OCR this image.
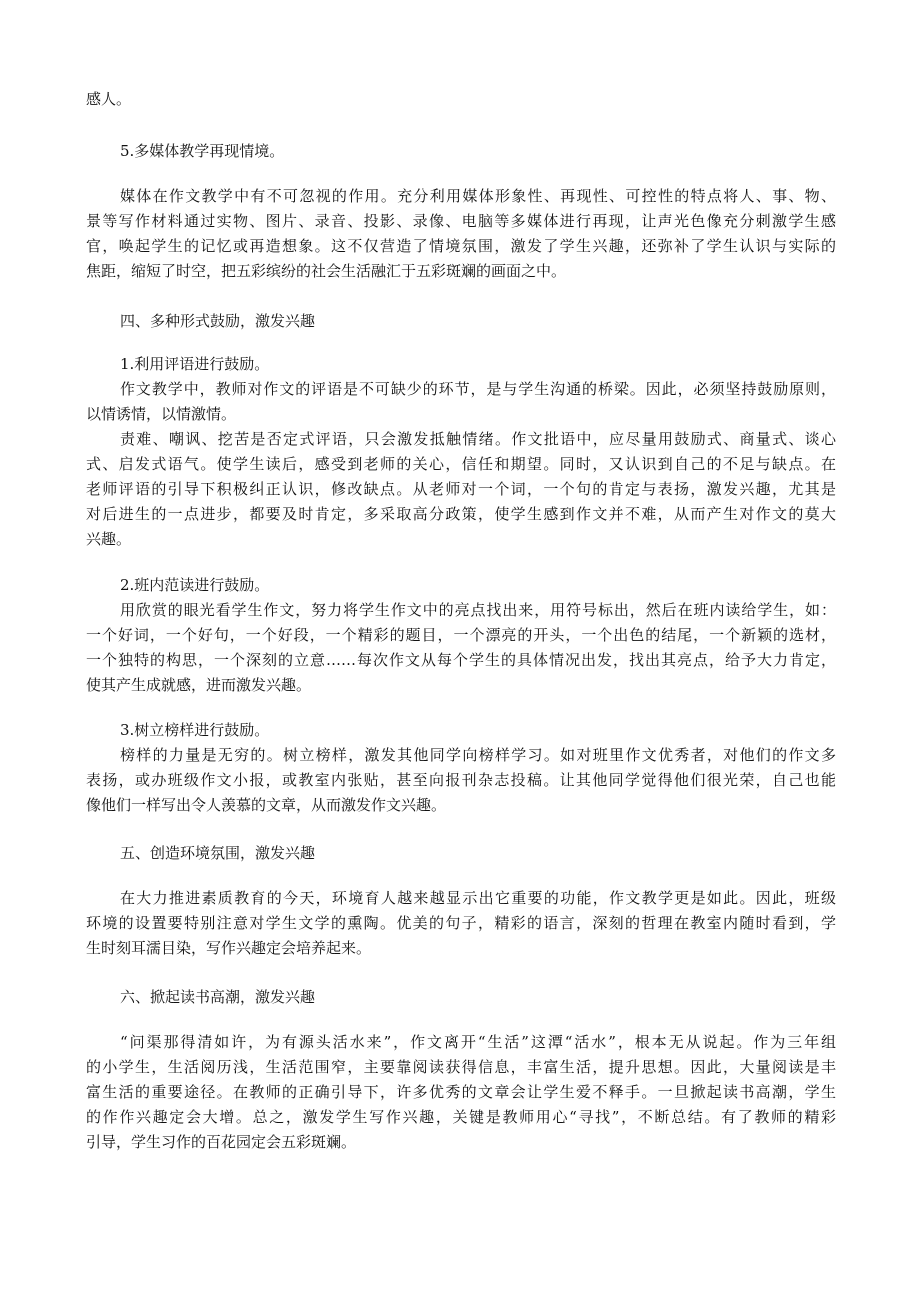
感人。
5.多媒体教学再现情境。
媒体在作文教学中有不可忽视的作用。充分利用媒体形象性、再现性、可控性的特点将人、事、物、
景等写作材料通过实物、图片、录音、投影、录像、电脑等多媒体进行再现，让声光色像充分刺激学生感
官，唤起学生的记忆或再造想象。这不仅营造了情境氛围，激发了学生兴趣，还弥补了学生认识与实际的
焦距，缩短了时空，把五彩缤纷的社会生活融汇于五彩斑斓的画面之中。
四、多种形式鼓励，激发兴趣
1.利用评语进行鼓励。
作文教学中，教师对作文的评语是不可缺少的环节，是与学生沟通的桥梁。因此，必须坚持鼓励原则，
以情诱情，以情激情。
责难、嘲讽、挖苦是否定式评语，只会激发抵触情绪。作文批语中，应尽量用鼓励式、商量式、谈心
式、启发式语气。使学生读后，感受到老师的关心，信任和期望。同时，又认识到自己的不足与缺点。在
老师评语的引导下积极纠正认识，修改缺点。从老师对一个词，一个句的肯定与表扬，激发兴趣，尤其是
对后进生的一点进步，都要及时肯定，多采取高分政策，使学生感到作文并不难，从而产生对作文的莫大
兴趣。
2.班内范读进行鼓励。
用欣赏的眼光看学生作文，努力将学生作文中的亮点找出来，用符号标出，然后在班内读给学生，如：
一个好词，一个好句，一个好段，一个精彩的题目，一个漂亮的开头，一个出色的结尾，一个新颖的选材，
一个独特的构思，一个深刻的立意……每次作文从每个学生的具体情况出发，找出其亮点，给予大力肯定，
使其产生成就感，进而激发兴趣。
3.树立榜样进行鼓励。
榜样的力量是无穷的。树立榜样，激发其他同学向榜样学习。如对班里作文优秀者，对他们的作文多
表扬，或办班级作文小报，或教室内张贴，甚至向报刊杂志投稿。让其他同学觉得他们很光荣，自己也能
像他们一样写出令人羡慕的文章，从而激发作文兴趣。
五、创造环境氛围，激发兴趣
在大力推进素质教育的今天，环境育人越来越显示出它重要的功能，作文教学更是如此。因此，班级
环境的设置要特别注意对学生文学的熏陶。优美的句子，精彩的语言，深刻的哲理在教室内随时看到，学
生时刻耳濡目染，写作兴趣定会培养起来。
六、掀起读书高潮，激发兴趣
“问渠那得清如许，为有源头活水来”，作文离开“生活”这潭“活水”，根本无从说起。作为三年组
的小学生，生活阅历浅，生活范围窄，主要靠阅读获得信息，丰富生活，提升思想。因此，大量阅读是丰
富生活的重要途径。在教师的正确引导下，许多优秀的文章会让学生爱不释手。一旦掀起读书高潮，学生
的作作兴趣定会大增。总之，激发学生写作兴趣，关键是教师用心“寻找”，不断总结。有了教师的精彩
引导，学生习作的百花园定会五彩斑斓。
